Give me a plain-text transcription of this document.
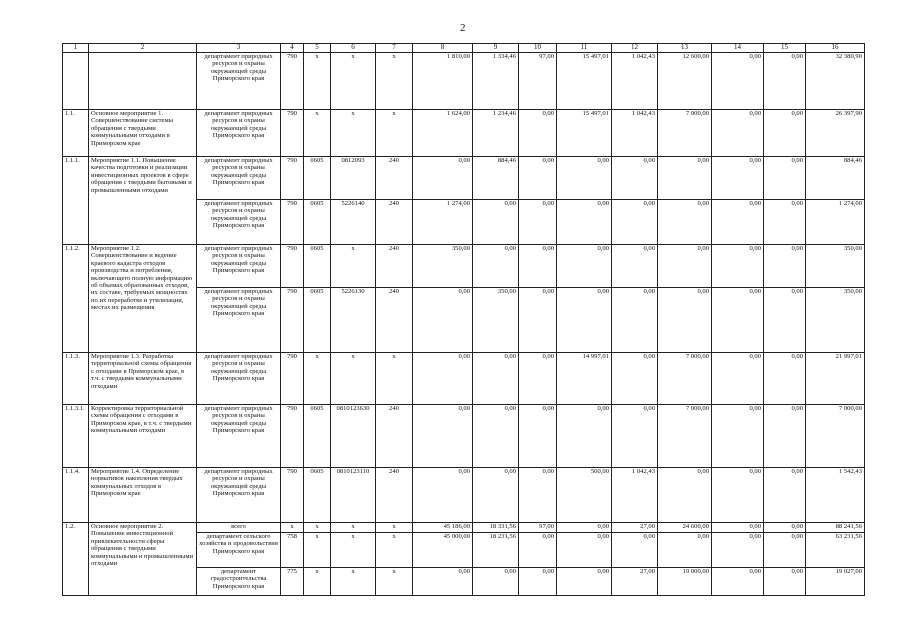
2
1	2	3	4	5	6	7	8	9	10	11	12	13	14	15	16
		департамент природных ресурсов и охраны окружающей среды Приморского края	790	x	x	x	1 810,00	1 334,46	97,00	15 497,01	1 042,43	12 600,00	0,00	0,00	32 380,90
1.1.	Основное мероприятие 1. Совершенствование системы обращения с твердыми коммунальными отходами в Приморском крае	департамент природных ресурсов и охраны окружающей среды Приморского края	790	x	x	x	1 624,00	1 234,46	0,00	15 497,01	1 042,43	7 000,00	0,00	0,00	26 397,90
1.1.1.	Мероприятие 1.1. Повышение качества подготовки и реализации инвестиционных проектов в сфере обращения с твердыми бытовыми и промышленными отходами	департамент природных ресурсов и охраны окружающей среды Приморского края	790	0605	0812093	240	0,00	884,46	0,00	0,00	0,00	0,00	0,00	0,00	884,46
		департамент природных ресурсов и охраны окружающей среды Приморского края	790	0605	5226140	240	1 274,00	0,00	0,00	0,00	0,00	0,00	0,00	0,00	1 274,00
1.1.2.	Мероприятие 1.2. Совершенствование и ведение краевого кадастра отходов производства и потребления, включающего полную информацию об объемах образованных отходов, их составе, требуемых мощностях по их переработке и утилизации, местах их размещения	департамент природных ресурсов и охраны окружающей среды Приморского края	790	0605	x	240	350,00	0,00	0,00	0,00	0,00	0,00	0,00	0,00	350,00
		департамент природных ресурсов и охраны окружающей среды Приморского края	790	0605	5226130	240	0,00	350,00	0,00	0,00	0,00	0,00	0,00	0,00	350,00
1.1.3.	Мероприятие 1.3. Разработка территориальной схемы обращения с отходами в Приморском крае, в т.ч. с твердыми коммунальными отходами	департамент природных ресурсов и охраны окружающей среды Приморского края	790	x	x	x	0,00	0,00	0,00	14 997,01	0,00	7 000,00	0,00	0,00	21 997,01
1.1.3.1.	Корректировка территориальной схемы обращения с отходами в Приморском крае, в т.ч. с твердыми коммунальными отходами	департамент природных ресурсов и охраны окружающей среды Приморского края	790	0605	0810123630	240	0,00	0,00	0,00	0,00	0,00	7 000,00	0,00	0,00	7 000,00
1.1.4.	Мероприятие 1.4. Определение нормативов накопления твердых коммунальных отходов в Приморском крае	департамент природных ресурсов и охраны окружающей среды Приморского края	790	0605	0810123110	240	0,00	0,00	0,00	500,00	1 042,43	0,00	0,00	0,00	1 542,43
1.2.	Основное мероприятие 2. Повышение инвестиционной привлекательности сферы обращения с твердыми коммунальными и промышленными отходами	всего	x	x	x	x	45 186,00	18 331,56	97,00	0,00	27,00	24 600,00	0,00	0,00	88 241,56
		департамент сельского хозяйства и продовольствия Приморского края	758	x	x	x	45 000,00	18 231,56	0,00	0,00	0,00	0,00	0,00	0,00	63 231,56
		департамент градостроительства Приморского края	775	x	x	x	0,00	0,00	0,00	0,00	27,00	19 000,00	0,00	0,00	19 027,00
